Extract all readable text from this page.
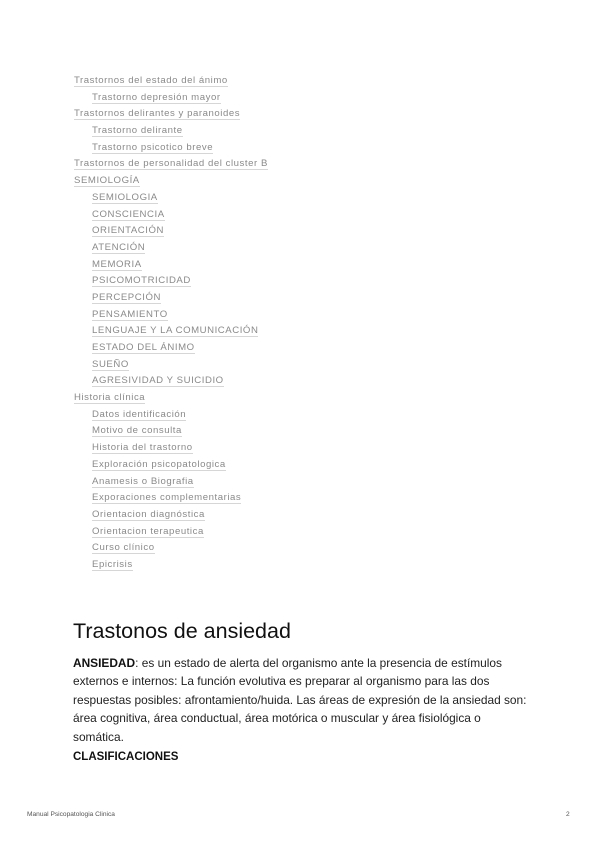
Trastornos del estado del ánimo
Trastorno depresión mayor
Trastornos delirantes y paranoides
Trastorno delirante
Trastorno psicotico breve
Trastornos de personalidad del cluster B
SEMIOLOGÍA
SEMIOLOGIA
CONSCIENCIA
ORIENTACIÓN
ATENCIÓN
MEMORIA
PSICOMOTRICIDAD
PERCEPCIÓN
PENSAMIENTO
LENGUAJE Y LA COMUNICACIÓN
ESTADO DEL ÁNIMO
SUEÑO
AGRESIVIDAD Y SUICIDIO
Historia clínica
Datos identificación
Motivo de consulta
Historia del trastorno
Exploración psicopatologica
Anamesis o Biografia
Exporaciones complementarias
Orientacion diagnóstica
Orientacion terapeutica
Curso clínico
Epicrisis
Trastonos de ansiedad

ANSIEDAD: es un estado de alerta del organismo ante la presencia de estímulos externos e internos: La función evolutiva es preparar al organismo para las dos respuestas posibles: afrontamiento/huida. Las áreas de expresión de la ansiedad son: área cognitiva, área conductual, área motórica o muscular y área fisiológica o somática.

CLASIFICACIONES
Manual Psicopatologia Clinica	2
